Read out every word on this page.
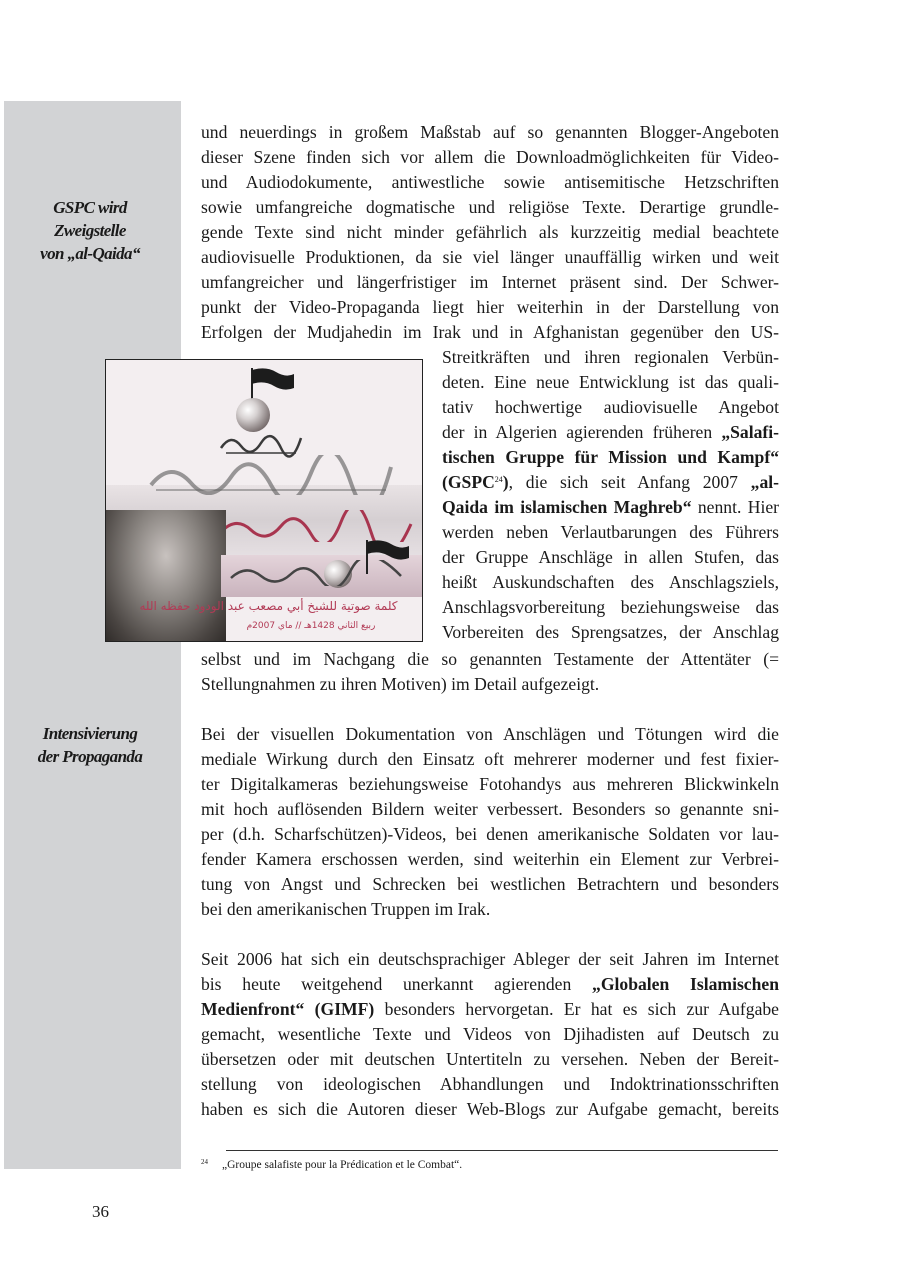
GSPC wird
Zweigstelle
von „al-Qaida“
Intensivierung
der Propaganda
und neuerdings in großem Maßstab auf so genannten Blogger-Angeboten
dieser Szene finden sich vor allem die Downloadmöglichkeiten für Video-
und Audiodokumente, antiwestliche sowie antisemitische Hetzschriften
sowie umfangreiche dogmatische und religiöse Texte. Derartige grundle-
gende Texte sind nicht minder gefährlich als kurzzeitig medial beachtete
audiovisuelle Produktionen, da sie viel länger unauffällig wirken und weit
umfangreicher und längerfristiger im Internet präsent sind. Der Schwer-
punkt der Video-Propaganda liegt hier weiterhin in der Darstellung von
Erfolgen der Mudjahedin im Irak und in Afghanistan gegenüber den US-
كلمة صوتية للشيخ أبي مصعب عبد الودود حفظه الله
ربيع الثاني 1428هـ // ماي 2007م
Streitkräften und ihren regionalen Verbün-
deten. Eine neue Entwicklung ist das quali-
tativ hochwertige audiovisuelle Angebot
der in Algerien agierenden früheren „Salafi-
tischen Gruppe für Mission und Kampf“
(GSPC$^{24}$), die sich seit Anfang 2007 „al-
Qaida im islamischen Maghreb“ nennt. Hier
werden neben Verlautbarungen des Führers
der Gruppe Anschläge in allen Stufen, das
heißt Auskundschaften des Anschlagsziels,
Anschlagsvorbereitung beziehungsweise das
Vorbereiten des Sprengsatzes, der Anschlag
selbst und im Nachgang die so genannten Testamente der Attentäter (=
Stellungnahmen zu ihren Motiven) im Detail aufgezeigt.
Bei der visuellen Dokumentation von Anschlägen und Tötungen wird die
mediale Wirkung durch den Einsatz oft mehrerer moderner und fest fixier-
ter Digitalkameras beziehungsweise Fotohandys aus mehreren Blickwinkeln
mit hoch auflösenden Bildern weiter verbessert. Besonders so genannte sni-
per (d.h. Scharfschützen)-Videos, bei denen amerikanische Soldaten vor lau-
fender Kamera erschossen werden, sind weiterhin ein Element zur Verbrei-
tung von Angst und Schrecken bei westlichen Betrachtern und besonders
bei den amerikanischen Truppen im Irak.
Seit 2006 hat sich ein deutschsprachiger Ableger der seit Jahren im Internet
bis heute weitgehend unerkannt agierenden „Globalen Islamischen
Medienfront“ (GIMF) besonders hervorgetan. Er hat es sich zur Aufgabe
gemacht, wesentliche Texte und Videos von Djihadisten auf Deutsch zu
übersetzen oder mit deutschen Untertiteln zu versehen. Neben der Bereit-
stellung von ideologischen Abhandlungen und Indoktrinationsschriften
haben es sich die Autoren dieser Web-Blogs zur Aufgabe gemacht, bereits
$^{24}$ „Groupe salafiste pour la Prédication et le Combat“.
36
